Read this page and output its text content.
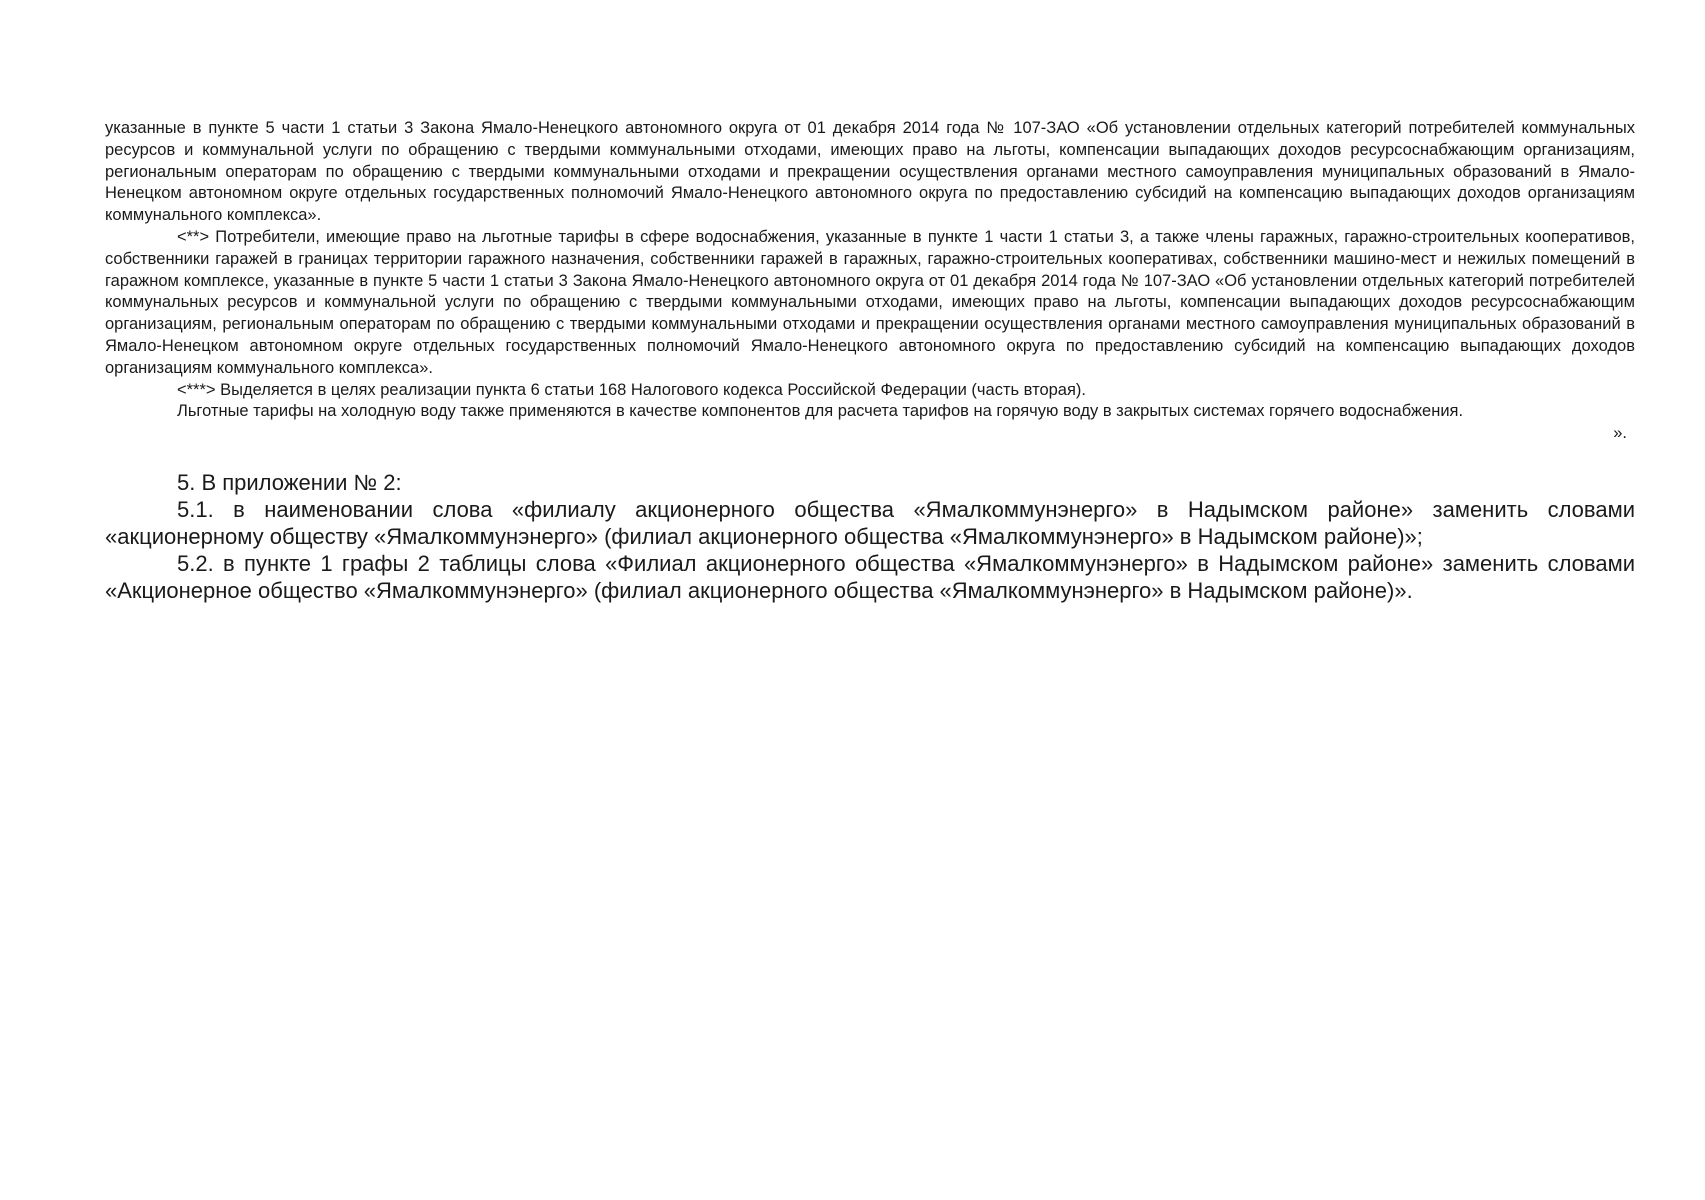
указанные в пункте 5 части 1 статьи 3 Закона Ямало-Ненецкого автономного округа от 01 декабря 2014 года № 107-ЗАО «Об установлении отдельных категорий потребителей коммунальных ресурсов и коммунальной услуги по обращению с твердыми коммунальными отходами, имеющих право на льготы, компенсации выпадающих доходов ресурсоснабжающим организациям, региональным операторам по обращению с твердыми коммунальными отходами и прекращении осуществления органами местного самоуправления муниципальных образований в Ямало-Ненецком автономном округе отдельных государственных полномочий Ямало-Ненецкого автономного округа по предоставлению субсидий на компенсацию выпадающих доходов организациям коммунального комплекса».

<**> Потребители, имеющие право на льготные тарифы в сфере водоснабжения, указанные в пункте 1 части 1 статьи 3, а также члены гаражных, гаражно-строительных кооперативов, собственники гаражей в границах территории гаражного назначения, собственники гаражей в гаражных, гаражно-строительных кооперативах, собственники машино-мест и нежилых помещений в гаражном комплексе, указанные в пункте 5 части 1 статьи 3 Закона Ямало-Ненецкого автономного округа от 01 декабря 2014 года № 107-ЗАО «Об установлении отдельных категорий потребителей коммунальных ресурсов и коммунальной услуги по обращению с твердыми коммунальными отходами, имеющих право на льготы, компенсации выпадающих доходов ресурсоснабжающим организациям, региональным операторам по обращению с твердыми коммунальными отходами и прекращении осуществления органами местного самоуправления муниципальных образований в Ямало-Ненецком автономном округе отдельных государственных полномочий Ямало-Ненецкого автономного округа по предоставлению субсидий на компенсацию выпадающих доходов организациям коммунального комплекса».

<***> Выделяется в целях реализации пункта 6 статьи 168 Налогового кодекса Российской Федерации (часть вторая).

Льготные тарифы на холодную воду также применяются в качестве компонентов для расчета тарифов на горячую воду в закрытых системах горячего водоснабжения.

».

5. В приложении № 2:

5.1. в наименовании слова «филиалу акционерного общества «Ямалкоммунэнерго» в Надымском районе» заменить словами «акционерному обществу «Ямалкоммунэнерго» (филиал акционерного общества «Ямалкоммунэнерго» в Надымском районе)»;

5.2. в пункте 1 графы 2 таблицы слова «Филиал акционерного общества «Ямалкоммунэнерго» в Надымском районе» заменить словами «Акционерное общество «Ямалкоммунэнерго» (филиал акционерного общества «Ямалкоммунэнерго» в Надымском районе)».
